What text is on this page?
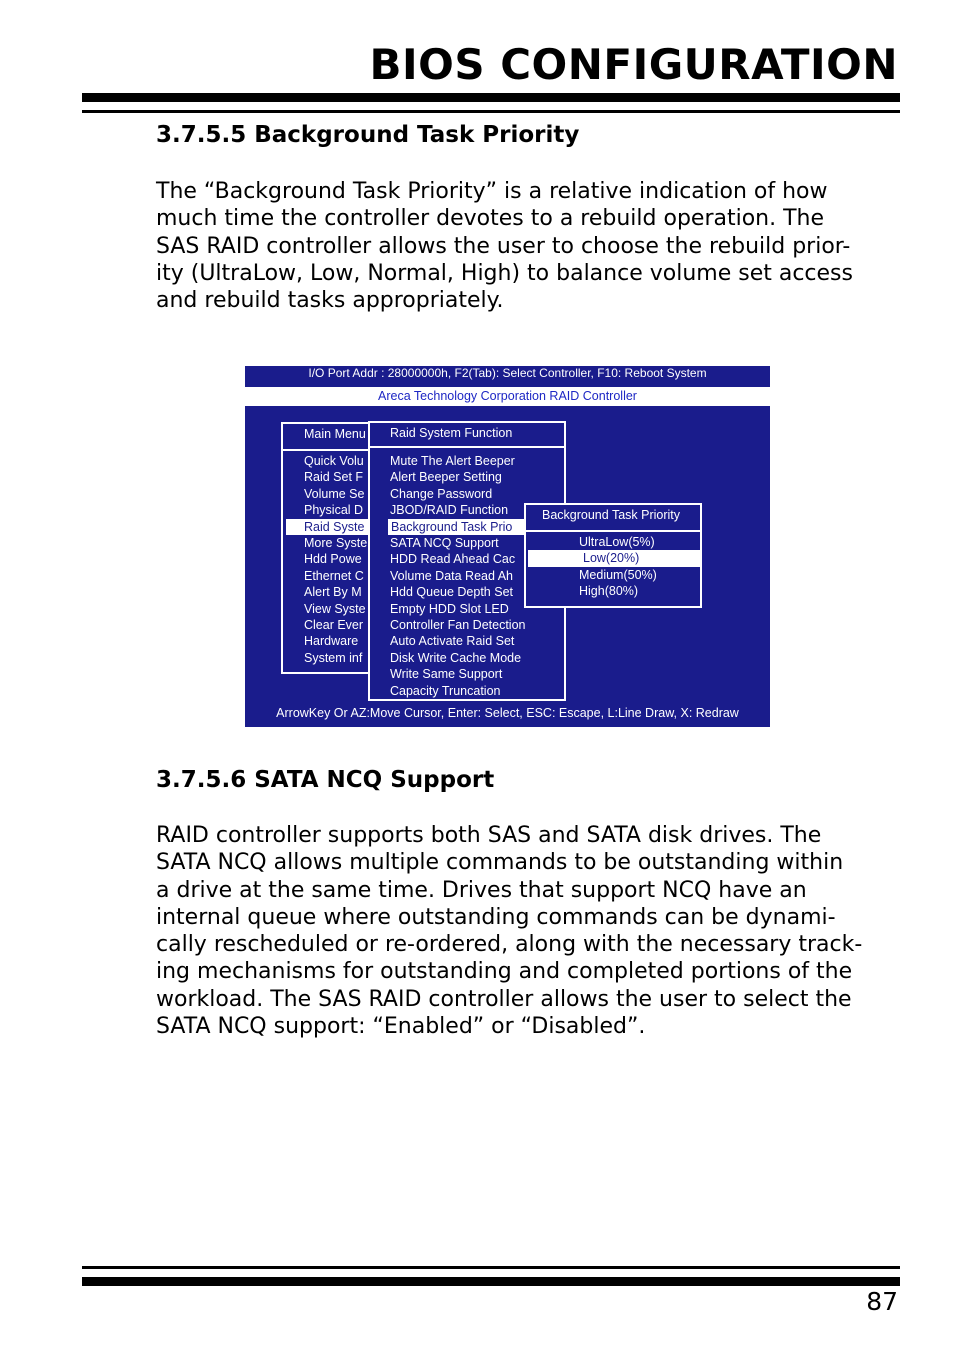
BIOS CONFIGURATION
3.7.5.5 Background Task Priority
The “Background Task Priority” is a relative indication of how
much time the controller devotes to a rebuild operation. The
SAS RAID controller allows the user to choose the rebuild prior-
ity (UltraLow, Low, Normal, High) to balance volume set access
and rebuild tasks appropriately.
I/O Port Addr : 28000000h, F2(Tab): Select Controller, F10: Reboot System
Areca Technology Corporation RAID Controller
Main Menu
Quick Volu
Raid Set F
Volume Se
Physical D
Raid Syste
More Syste
Hdd Powe
Ethernet C
Alert By M
View Syste
Clear Ever
Hardware
System inf
Raid System Function
Mute The Alert Beeper
Alert Beeper Setting
Change Password
JBOD/RAID Function
Background Task Prio
SATA NCQ Support
HDD Read Ahead Cac
Volume Data Read Ah
Hdd Queue Depth Set
Empty HDD Slot LED
Controller Fan Detection
Auto Activate Raid Set
Disk Write Cache Mode
Write Same Support
Capacity Truncation
Background Task Priority
UltraLow(5%)
Low(20%)
Medium(50%)
High(80%)
ArrowKey Or AZ:Move Cursor, Enter: Select, ESC: Escape, L:Line Draw, X: Redraw
3.7.5.6 SATA NCQ Support
RAID controller supports both SAS and SATA disk drives. The
SATA NCQ allows multiple commands to be outstanding within
a drive at the same time. Drives that support NCQ have an
internal queue where outstanding commands can be dynami-
cally rescheduled or re-ordered, along with the necessary track-
ing mechanisms for outstanding and completed portions of the
workload. The SAS RAID controller allows the user to select the
SATA NCQ support: “Enabled” or “Disabled”.
87
